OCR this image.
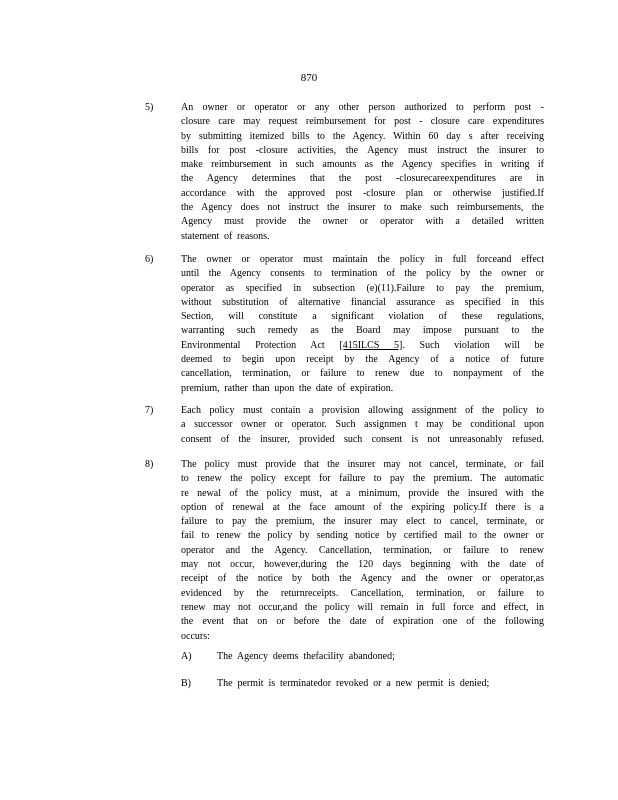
870
5)	An owner or operator or any other person authorized to perform post -
closure care may request reimbursement for post - closure care expenditures
by submitting itemized bills to the Agency. Within 60 day s after receiving
bills for post -closure activities, the Agency must instruct the insurer to
make reimbursement in such amounts as the Agency specifies in writing if
the Agency determines that the post -closurecareexpenditures are in
accordance with the approved post -closure plan or otherwise justified.If
the Agency does not instruct the insurer to make such reimbursements, the
Agency must provide the owner or operator with a detailed written
statement of reasons.
6)	The owner or operator must maintain the policy in full forceand effect
until the Agency consents to termination of the policy by the owner or
operator as specified in subsection (e)(11).Failure to pay the premium,
without substitution of alternative financial assurance as specified in this
Section, will constitute a significant violation of these regulations,
warranting such remedy as the Board may impose pursuant to the
Environmental Protection Act [415ILCS 5]. Such violation will be
deemed to begin upon receipt by the Agency of a notice of future
cancellation, termination, or failure to renew due to nonpayment of the
premium, rather than upon the date of expiration.
7)	Each policy must contain a provision allowing assignment of the policy to
a successor owner or operator. Such assignmen t may be conditional upon
consent of the insurer, provided such consent is not unreasonably refused.
8)	The policy must provide that the insurer may not cancel, terminate, or fail
to renew the policy except for failure to pay the premium. The automatic
re newal of the policy must, at a minimum, provide the insured with the
option of renewal at the face amount of the expiring policy.If there is a
failure to pay the premium, the insurer may elect to cancel, terminate, or
fail to renew the policy by sending notice by certified mail to the owner or
operator and the Agency. Cancellation, termination, or failure to renew
may not occur, however,during the 120 days beginning with the date of
receipt of the notice by both the Agency and the owner or operator,as
evidenced by the returnreceipts. Cancellation, termination, or failure to
renew may not occur,and the policy will remain in full force and effect, in
the event that on or before the date of expiration one of the following
occurs:
A)	The Agency deems thefacility abandoned;
B)	The permit is terminatedor revoked or a new permit is denied;
